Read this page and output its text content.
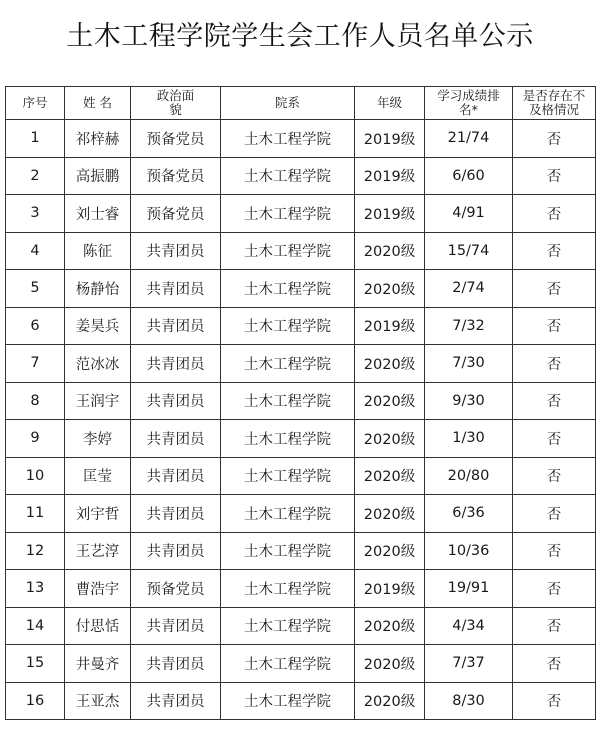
土木工程学院学生会工作人员名单公示
序号	姓 名	政治面貌	院系	年级	学习成绩排名*	是否存在不及格情况
1	祁梓赫	预备党员	土木工程学院	2019级	21/74	否
2	高振鹏	预备党员	土木工程学院	2019级	6/60	否
3	刘士睿	预备党员	土木工程学院	2019级	4/91	否
4	陈征	共青团员	土木工程学院	2020级	15/74	否
5	杨静怡	共青团员	土木工程学院	2020级	2/74	否
6	姜昊兵	共青团员	土木工程学院	2019级	7/32	否
7	范冰冰	共青团员	土木工程学院	2020级	7/30	否
8	王润宇	共青团员	土木工程学院	2020级	9/30	否
9	李婷	共青团员	土木工程学院	2020级	1/30	否
10	匡莹	共青团员	土木工程学院	2020级	20/80	否
11	刘宇哲	共青团员	土木工程学院	2020级	6/36	否
12	王艺淳	共青团员	土木工程学院	2020级	10/36	否
13	曹浩宇	预备党员	土木工程学院	2019级	19/91	否
14	付思恬	共青团员	土木工程学院	2020级	4/34	否
15	井曼齐	共青团员	土木工程学院	2020级	7/37	否
16	王亚杰	共青团员	土木工程学院	2020级	8/30	否
